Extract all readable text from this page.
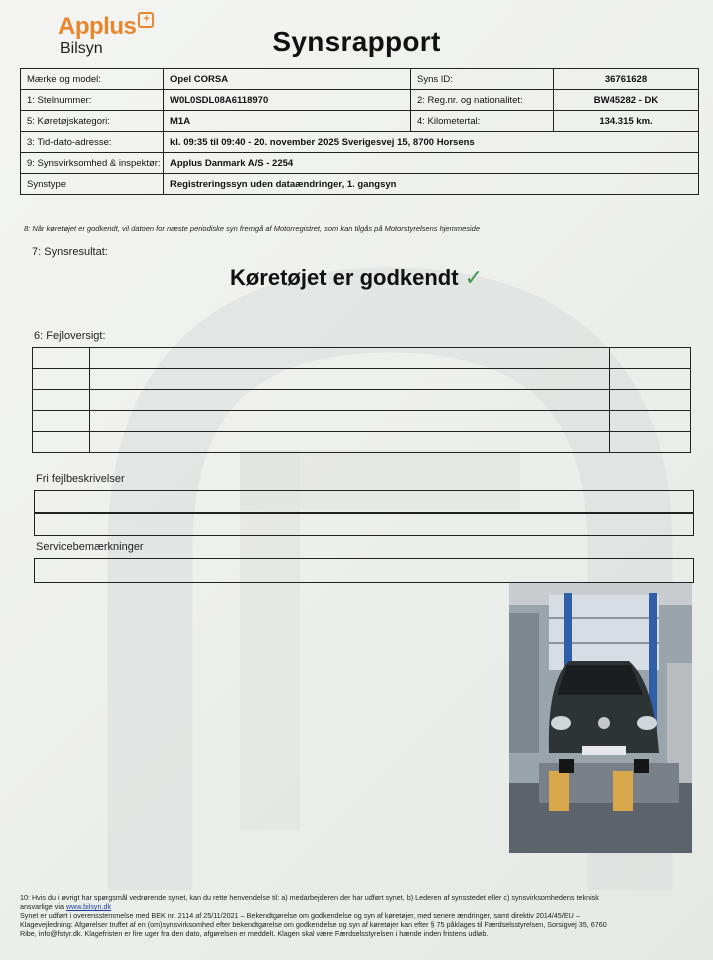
Applus +
Bilsyn	Synsrapport
Mærke og model:	Opel CORSA	Syns ID:	36761628
1: Stelnummer:	W0L0SDL08A6118970	2: Reg.nr. og nationalitet:	BW45282 - DK
5: Køretøjskategori:	M1A	4: Kilometertal:	134.315 km.
3: Tid-dato-adresse:	kl. 09:35 til 09:40 - 20. november 2025 Sverigesvej 15, 8700 Horsens		
9: Synsvirksomhed & inspektør:	Applus Danmark A/S - 2254		
Synstype	Registreringssyn uden dataændringer, 1. gangsyn		
8: Når køretøjet er godkendt, vil datoen for næste periodiske syn fremgå af Motorregistret, som kan tilgås på Motorstyrelsens hjemmeside
7: Synsresultat:
Køretøjet er godkendt ✓
6: Fejloversigt:

Fri fejlbeskrivelser
Servicebemærkninger
10: Hvis du i øvrigt har spørgsmål vedrørende synet, kan du rette henvendelse til: a) medarbejderen der har udført synet, b) Lederen af synsstedet eller c) synsvirksomhedens teknisk
ansvarlige via www.bilsyn.dk
Synet er udført i overensstemmelse med BEK nr. 2114 af 25/11/2021 – Bekendtgørelse om godkendelse og syn af køretøjer, med senere ændringer, samt direktiv 2014/45/EU –
Klagevejledning: Afgørelser truffet af en (om)synsvirksomhed efter bekendtgørelse om godkendelse og syn af køretøjer kan efter § 75 påklages til Færdselsstyrelsen, Sorsigvej 35, 6760
Ribe, info@fstyr.dk. Klagefristen er fire uger fra den dato, afgørelsen er meddelt. Klagen skal være Færdselsstyrelsen i hænde inden fristens udløb.
